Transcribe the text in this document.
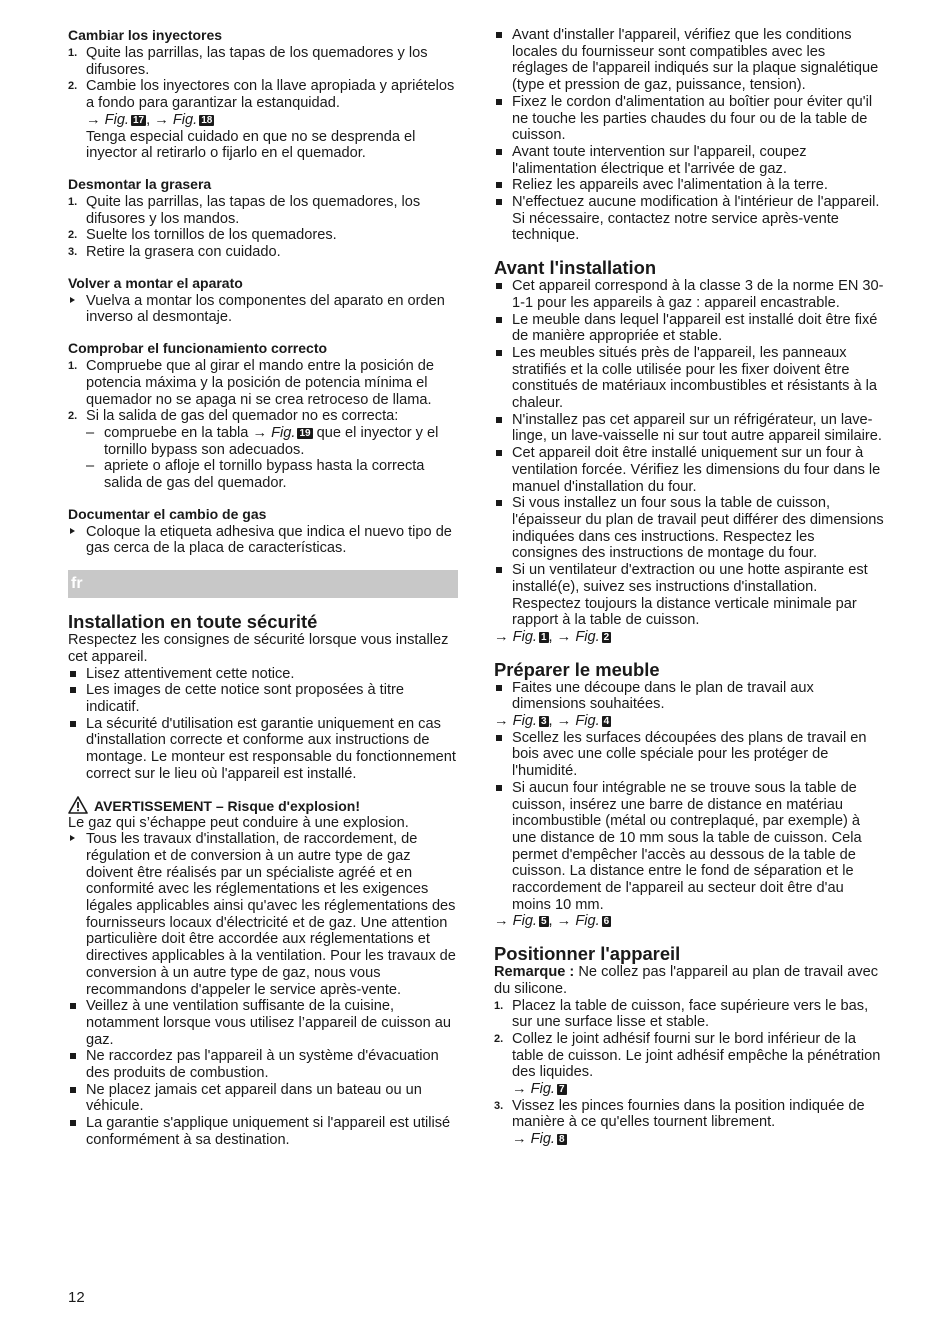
Cambiar los inyectores
1. Quite las parrillas, las tapas de los quemadores y los difusores.
2. Cambie los inyectores con la llave apropiada y apriételos a fondo para garantizar la estanquidad.
→ Fig. 17 , → Fig. 18
Tenga especial cuidado en que no se desprenda el inyector al retirarlo o fijarlo en el quemador.
Desmontar la grasera
1. Quite las parrillas, las tapas de los quemadores, los difusores y los mandos.
2. Suelte los tornillos de los quemadores.
3. Retire la grasera con cuidado.
Volver a montar el aparato
Vuelva a montar los componentes del aparato en orden inverso al desmontaje.
Comprobar el funcionamiento correcto
1. Compruebe que al girar el mando entre la posición de potencia máxima y la posición de potencia mínima el quemador no se apaga ni se crea retroceso de llama.
2. Si la salida de gas del quemador no es correcta:
– compruebe en la tabla → Fig. 19 que el inyector y el tornillo bypass son adecuados.
– apriete o afloje el tornillo bypass hasta la correcta salida de gas del quemador.
Documentar el cambio de gas
Coloque la etiqueta adhesiva que indica el nuevo tipo de gas cerca de la placa de características.
fr
Installation en toute sécurité

Respectez les consignes de sécurité lorsque vous installez cet appareil.

Lisez attentivement cette notice.
Les images de cette notice sont proposées à titre indicatif.
La sécurité d'utilisation est garantie uniquement en cas d'installation correcte et conforme aux instructions de montage. Le monteur est responsable du fonctionnement correct sur le lieu où l'appareil est installé.
AVERTISSEMENT – Risque d'explosion!

Le gaz qui s’échappe peut conduire à une explosion.

Tous les travaux d'installation, de raccordement, de régulation et de conversion à un autre type de gaz doivent être réalisés par un spécialiste agréé et en conformité avec les réglementations et les exigences légales applicables ainsi qu'avec les réglementations des fournisseurs locaux d'électricité et de gaz. Une attention particulière doit être accordée aux réglementations et directives applicables à la ventilation. Pour les travaux de conversion à un autre type de gaz, nous vous recommandons d'appeler le service après-vente.
Veillez à une ventilation suffisante de la cuisine, notamment lorsque vous utilisez l’appareil de cuisson au gaz.
Ne raccordez pas l'appareil à un système d'évacuation des produits de combustion.
Ne placez jamais cet appareil dans un bateau ou un véhicule.
La garantie s'applique uniquement si l'appareil est utilisé conformément à sa destination.
Avant d'installer l'appareil, vérifiez que les conditions locales du fournisseur sont compatibles avec les réglages de l'appareil indiqués sur la plaque signalétique (type et pression de gaz, puissance, tension).
Fixez le cordon d'alimentation au boîtier pour éviter qu'il ne touche les parties chaudes du four ou de la table de cuisson.
Avant toute intervention sur l'appareil, coupez l'alimentation électrique et l'arrivée de gaz.
Reliez les appareils avec l'alimentation à la terre.
N'effectuez aucune modification à l'intérieur de l'appareil. Si nécessaire, contactez notre service après-vente technique.
Avant l'installation
Cet appareil correspond à la classe 3 de la norme EN 30-1-1 pour les appareils à gaz : appareil encastrable.
Le meuble dans lequel l'appareil est installé doit être fixé de manière appropriée et stable.
Les meubles situés près de l'appareil, les panneaux stratifiés et la colle utilisée pour les fixer doivent être constitués de matériaux incombustibles et résistants à la chaleur.
N'installez pas cet appareil sur un réfrigérateur, un lave-linge, un lave-vaisselle ni sur tout autre appareil similaire.
Cet appareil doit être installé uniquement sur un four à ventilation forcée. Vérifiez les dimensions du four dans le manuel d'installation du four.
Si vous installez un four sous la table de cuisson, l'épaisseur du plan de travail peut différer des dimensions indiquées dans ces instructions. Respectez les consignes des instructions de montage du four.
Si un ventilateur d'extraction ou une hotte aspirante est installé(e), suivez ses instructions d'installation. Respectez toujours la distance verticale minimale par rapport à la table de cuisson.

→ Fig. 1 , → Fig. 2

Préparer le meuble
Faites une découpe dans le plan de travail aux dimensions souhaitées.

→ Fig. 3 , → Fig. 4

Scellez les surfaces découpées des plans de travail en bois avec une colle spéciale pour les protéger de l'humidité.
Si aucun four intégrable ne se trouve sous la table de cuisson, insérez une barre de distance en matériau incombustible (métal ou contreplaqué, par exemple) à une distance de 10 mm sous la table de cuisson. Cela permet d'empêcher l'accès au dessous de la table de cuisson. La distance entre le fond de séparation et le raccordement de l'appareil au secteur doit être d'au moins 10 mm.

→ Fig. 5 , → Fig. 6

Positionner l'appareil

Remarque : Ne collez pas l'appareil au plan de travail avec du silicone.

1. Placez la table de cuisson, face supérieure vers le bas, sur une surface lisse et stable.
2. Collez le joint adhésif fourni sur le bord inférieur de la table de cuisson. Le joint adhésif empêche la pénétration des liquides.
→ Fig. 7
3. Vissez les pinces fournies dans la position indiquée de manière à ce qu'elles tournent librement.
→ Fig. 8
12
